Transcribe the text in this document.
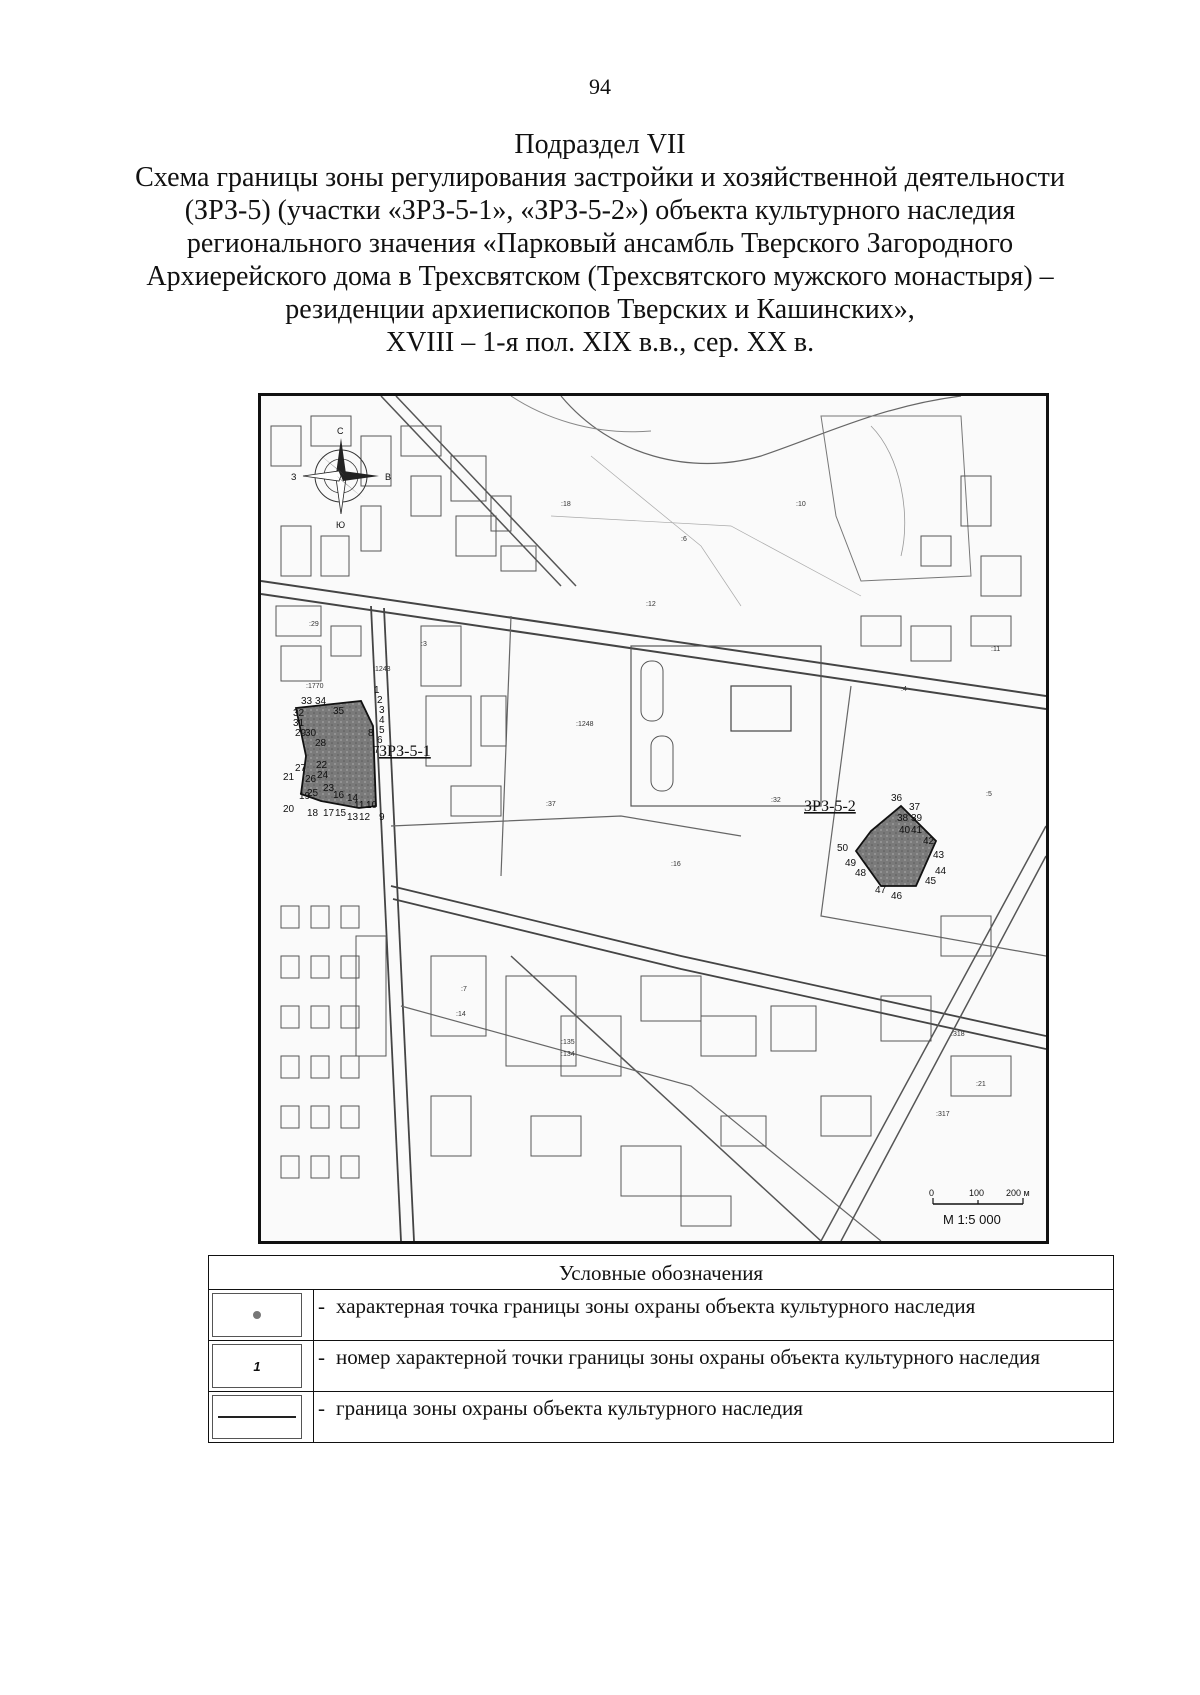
94
Подраздел VII
Схема границы зоны регулирования застройки и хозяйственной деятельности
(ЗРЗ-5) (участки «ЗРЗ-5-1», «ЗРЗ-5-2») объекта культурного наследия
регионального значения «Парковый ансамбль Тверского Загородного
Архиерейского дома в Трехсвятском (Трехсвятского мужского монастыря) –
резиденции архиепископов Тверских и Кашинских»,
XVIII – 1-я пол. XIX в.в., сер. XX в.
ЗРЗ-5-1
ЗРЗ-5-2
С
Ю
З	В
:29
:1243
:1770
:12
:32
:37
:16
:14
:135
:134
:317
:318
:1248
:11
:10
:18
:5
:3
:4
:6
:7
:21
1
2
3
4
5
6
7
8
9
10
11
12
13
14
15
16
17
18
19
20
21
22
23
24
25
26
27
28
29
30
31
32
33 34
35
36
37
38 39
40 41
42
43
44
45
46
47
48
49
50
0	100 200 м
М 1:5 000
Условные обозначения	

	- характерная точка границы зоны охраны объекта культурного наследия

1	- номер характерной точки границы зоны охраны объекта культурного наследия

	- граница зоны охраны объекта культурного наследия
